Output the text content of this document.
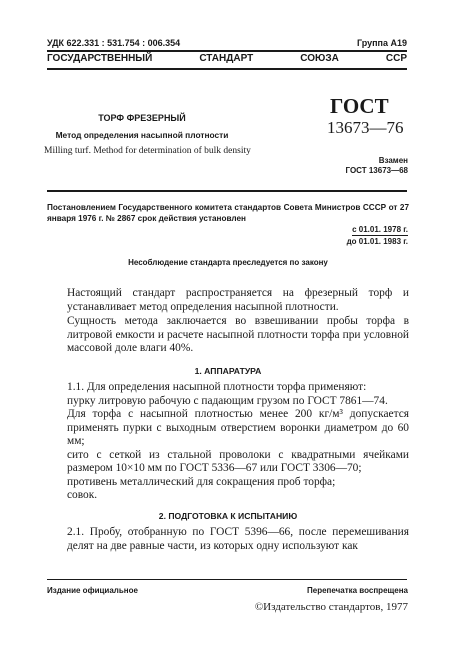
УДК 622.331 : 531.754 : 006.354	Группа А19
ГОСУДАРСТВЕННЫЙ СТАНДАРТ СОЮЗА ССР
ТОРФ ФРЕЗЕРНЫЙ
Метод определения насыпной плотности
Milling turf. Method for determination of bulk density
ГОСТ
13673—76
Взамен
ГОСТ 13673—68
Постановлением Государственного комитета стандартов Совета Министров СССР от 27 января 1976 г. № 2867 срок действия установлен
с 01.01. 1978 г.
до 01.01. 1983 г.
Несоблюдение стандарта преследуется по закону
Настоящий стандарт распространяется на фрезерный торф и устанавливает метод определения насыпной плотности.
Сущность метода заключается во взвешивании пробы торфа в литровой емкости и расчете насыпной плотности торфа при условной массовой доле влаги 40%.
1. АППАРАТУРА
1.1. Для определения насыпной плотности торфа применяют:
пурку литровую рабочую с падающим грузом по ГОСТ 7861—74.
Для торфа с насыпной плотностью менее 200 кг/м³ допускается применять пурки с выходным отверстием воронки диаметром до 60 мм;
сито с сеткой из стальной проволоки с квадратными ячейками размером 10×10 мм по ГОСТ 5336—67 или ГОСТ 3306—70;
противень металлический для сокращения проб торфа;
совок.
2. ПОДГОТОВКА К ИСПЫТАНИЮ
2.1. Пробу, отобранную по ГОСТ 5396—66, после перемешивания делят на две равные части, из которых одну используют как
Издание официальное	Перепечатка воспрещена
©Издательство стандартов, 1977
